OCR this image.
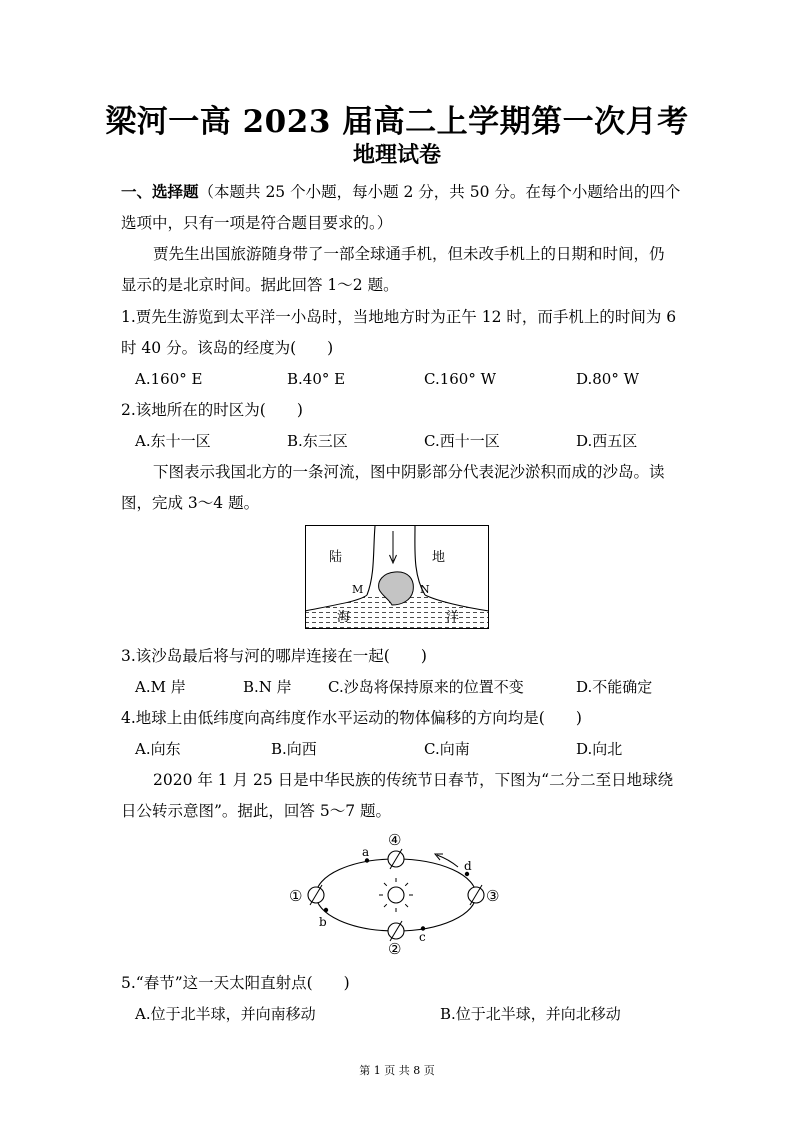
梁河一高 2023 届高二上学期第一次月考
地理试卷
一、选择题（本题共 25 个小题，每小题 2 分，共 50 分。在每个小题给出的四个
选项中，只有一项是符合题目要求的。）
贾先生出国旅游随身带了一部全球通手机，但未改手机上的日期和时间，仍
显示的是北京时间。据此回答 1～2 题。
1.贾先生游览到太平洋一小岛时，当地地方时为正午 12 时，而手机上的时间为 6
时 40 分。该岛的经度为(　　)
A.160° E	B.40° E	C.160° W	D.80° W
2.该地所在的时区为(　　)
A.东十一区	B.东三区	C.西十一区	D.西五区
下图表示我国北方的一条河流，图中阴影部分代表泥沙淤积而成的沙岛。读
图，完成 3～4 题。
陆	地
M	N
海	洋
3.该沙岛最后将与河的哪岸连接在一起(　　)
A.M 岸	B.N 岸 C.沙岛将保持原来的位置不变	D.不能确定
4.地球上由低纬度向高纬度作水平运动的物体偏移的方向均是(　　)
A.向东	B.向西	C.向南	D.向北
2020 年 1 月 25 日是中华民族的传统节日春节，下图为“二分二至日地球绕
日公转示意图”。据此，回答 5～7 题。
④
②
①	③
a
b
c
d
5.“春节”这一天太阳直射点(　　)
A.位于北半球，并向南移动	B.位于北半球，并向北移动
第 1 页 共 8 页
